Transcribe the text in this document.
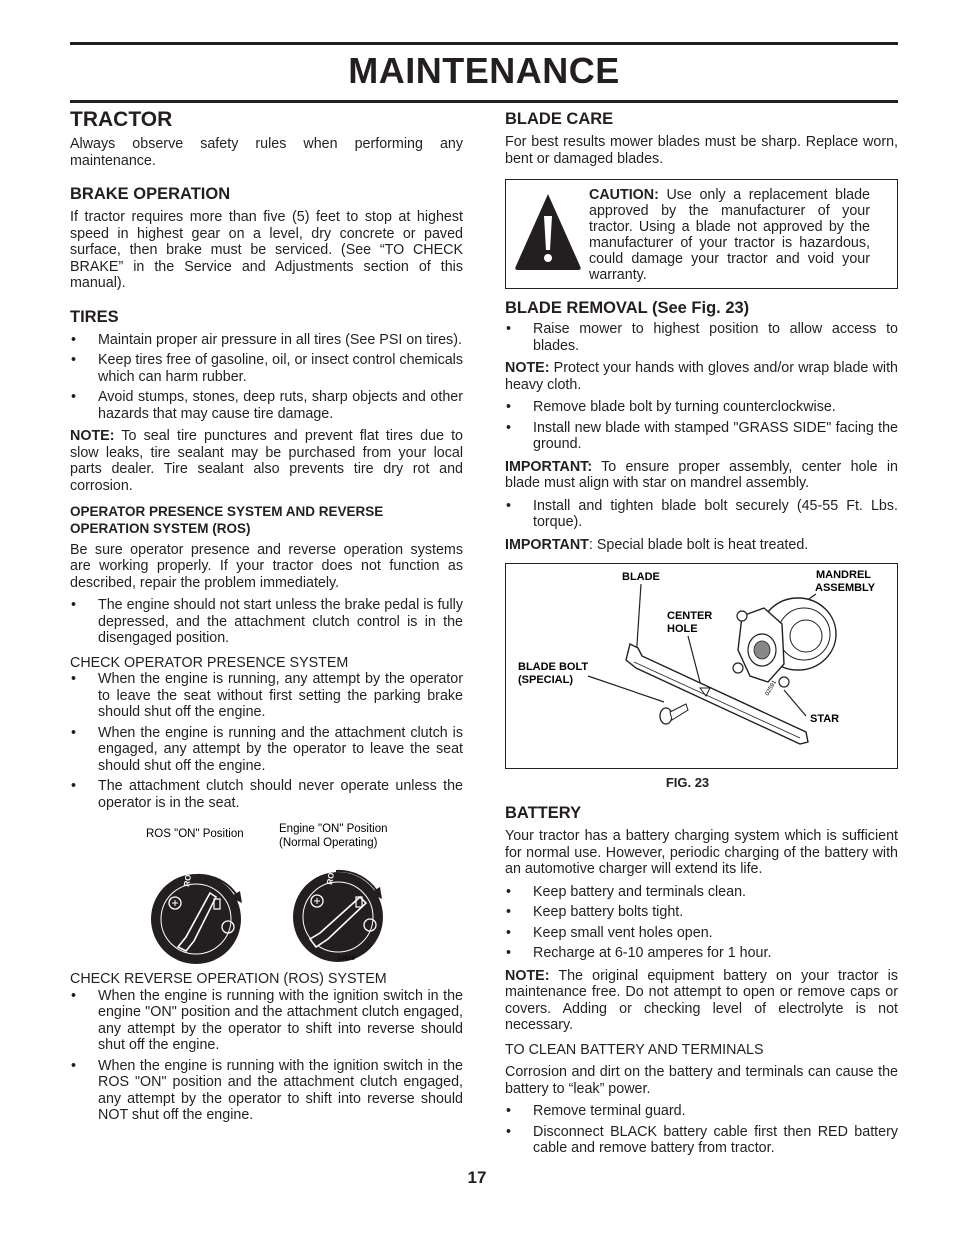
MAINTENANCE
TRACTOR

Always observe safety rules when performing any maintenance.

BRAKE OPERATION

If tractor requires more than five (5) feet to stop at highest speed in highest gear on a level, dry concrete or paved surface, then brake must be serviced. (See “TO CHECK BRAKE” in the Service and Adjustments section of this manual).

TIRES
• Maintain proper air pressure in all tires (See PSI on tires).
• Keep tires free of gasoline, oil, or insect control chemicals which can harm rubber.
• Avoid stumps, stones, deep ruts, sharp objects and other hazards that may cause tire damage.

NOTE: To seal tire punctures and prevent flat tires due to slow leaks, tire sealant may be purchased from your local parts dealer. Tire sealant also prevents tire dry rot and corrosion.

OPERATOR PRESENCE SYSTEM AND REVERSE OPERATION SYSTEM (ROS)

Be sure operator presence and reverse operation systems are working properly. If your tractor does not function as described, repair the problem immediately.

• The engine should not start unless the brake pedal is fully depressed, and the attachment clutch control is in the disengaged position.

CHECK OPERATOR PRESENCE SYSTEM

• When the engine is running, any attempt by the operator to leave the seat without first setting the parking brake should shut off the engine.
• When the engine is running and the attachment clutch is engaged, any attempt by the operator to leave the seat should shut off the engine.
• The attachment clutch should never operate unless the operator is in the seat.
ROS "ON" Position	Engine "ON" Position
(Normal Operating)
ROS	ROS
02626

CHECK REVERSE OPERATION (ROS) SYSTEM

• When the engine is running with the ignition switch in the engine "ON" position and the attachment clutch engaged, any attempt by the operator to shift into reverse should shut off the engine.
• When the engine is running with the ignition switch in the ROS "ON" position and the attachment clutch engaged, any attempt by the operator to shift into reverse should NOT shut off the engine.
BLADE CARE

For best results mower blades must be sharp. Replace worn, bent or damaged blades.

CAUTION: Use only a replacement blade approved by the manufacturer of your tractor. Using a blade not approved by the manufacturer of your tractor is hazardous, could damage your tractor and void your warranty.
BLADE REMOVAL (See Fig. 23)
• Raise mower to highest position to allow access to blades.

NOTE: Protect your hands with gloves and/or wrap blade with heavy cloth.

• Remove blade bolt by turning counterclockwise.
• Install new blade with stamped "GRASS SIDE" facing the ground.

IMPORTANT: To ensure proper assembly, center hole in blade must align with star on mandrel assembly.

• Install and tighten blade bolt securely (45-55 Ft. Lbs. torque).

IMPORTANT: Special blade bolt is heat treated.

BLADE	MANDREL
ASSEMBLY
CENTER
HOLE
BLADE BOLT
(SPECIAL)
STAR
02591
FIG. 23
BATTERY

Your tractor has a battery charging system which is sufficient for normal use. However, periodic charging of the battery with an automotive charger will extend its life.

• Keep battery and terminals clean.
• Keep battery bolts tight.
• Keep small vent holes open.
• Recharge at 6-10 amperes for 1 hour.

NOTE: The original equipment battery on your tractor is maintenance free. Do not attempt to open or remove caps or covers. Adding or checking level of electrolyte is not necessary.

TO CLEAN BATTERY AND TERMINALS

Corrosion and dirt on the battery and terminals can cause the battery to “leak” power.

• Remove terminal guard.
• Disconnect BLACK battery cable first then RED battery cable and remove battery from tractor.
17
